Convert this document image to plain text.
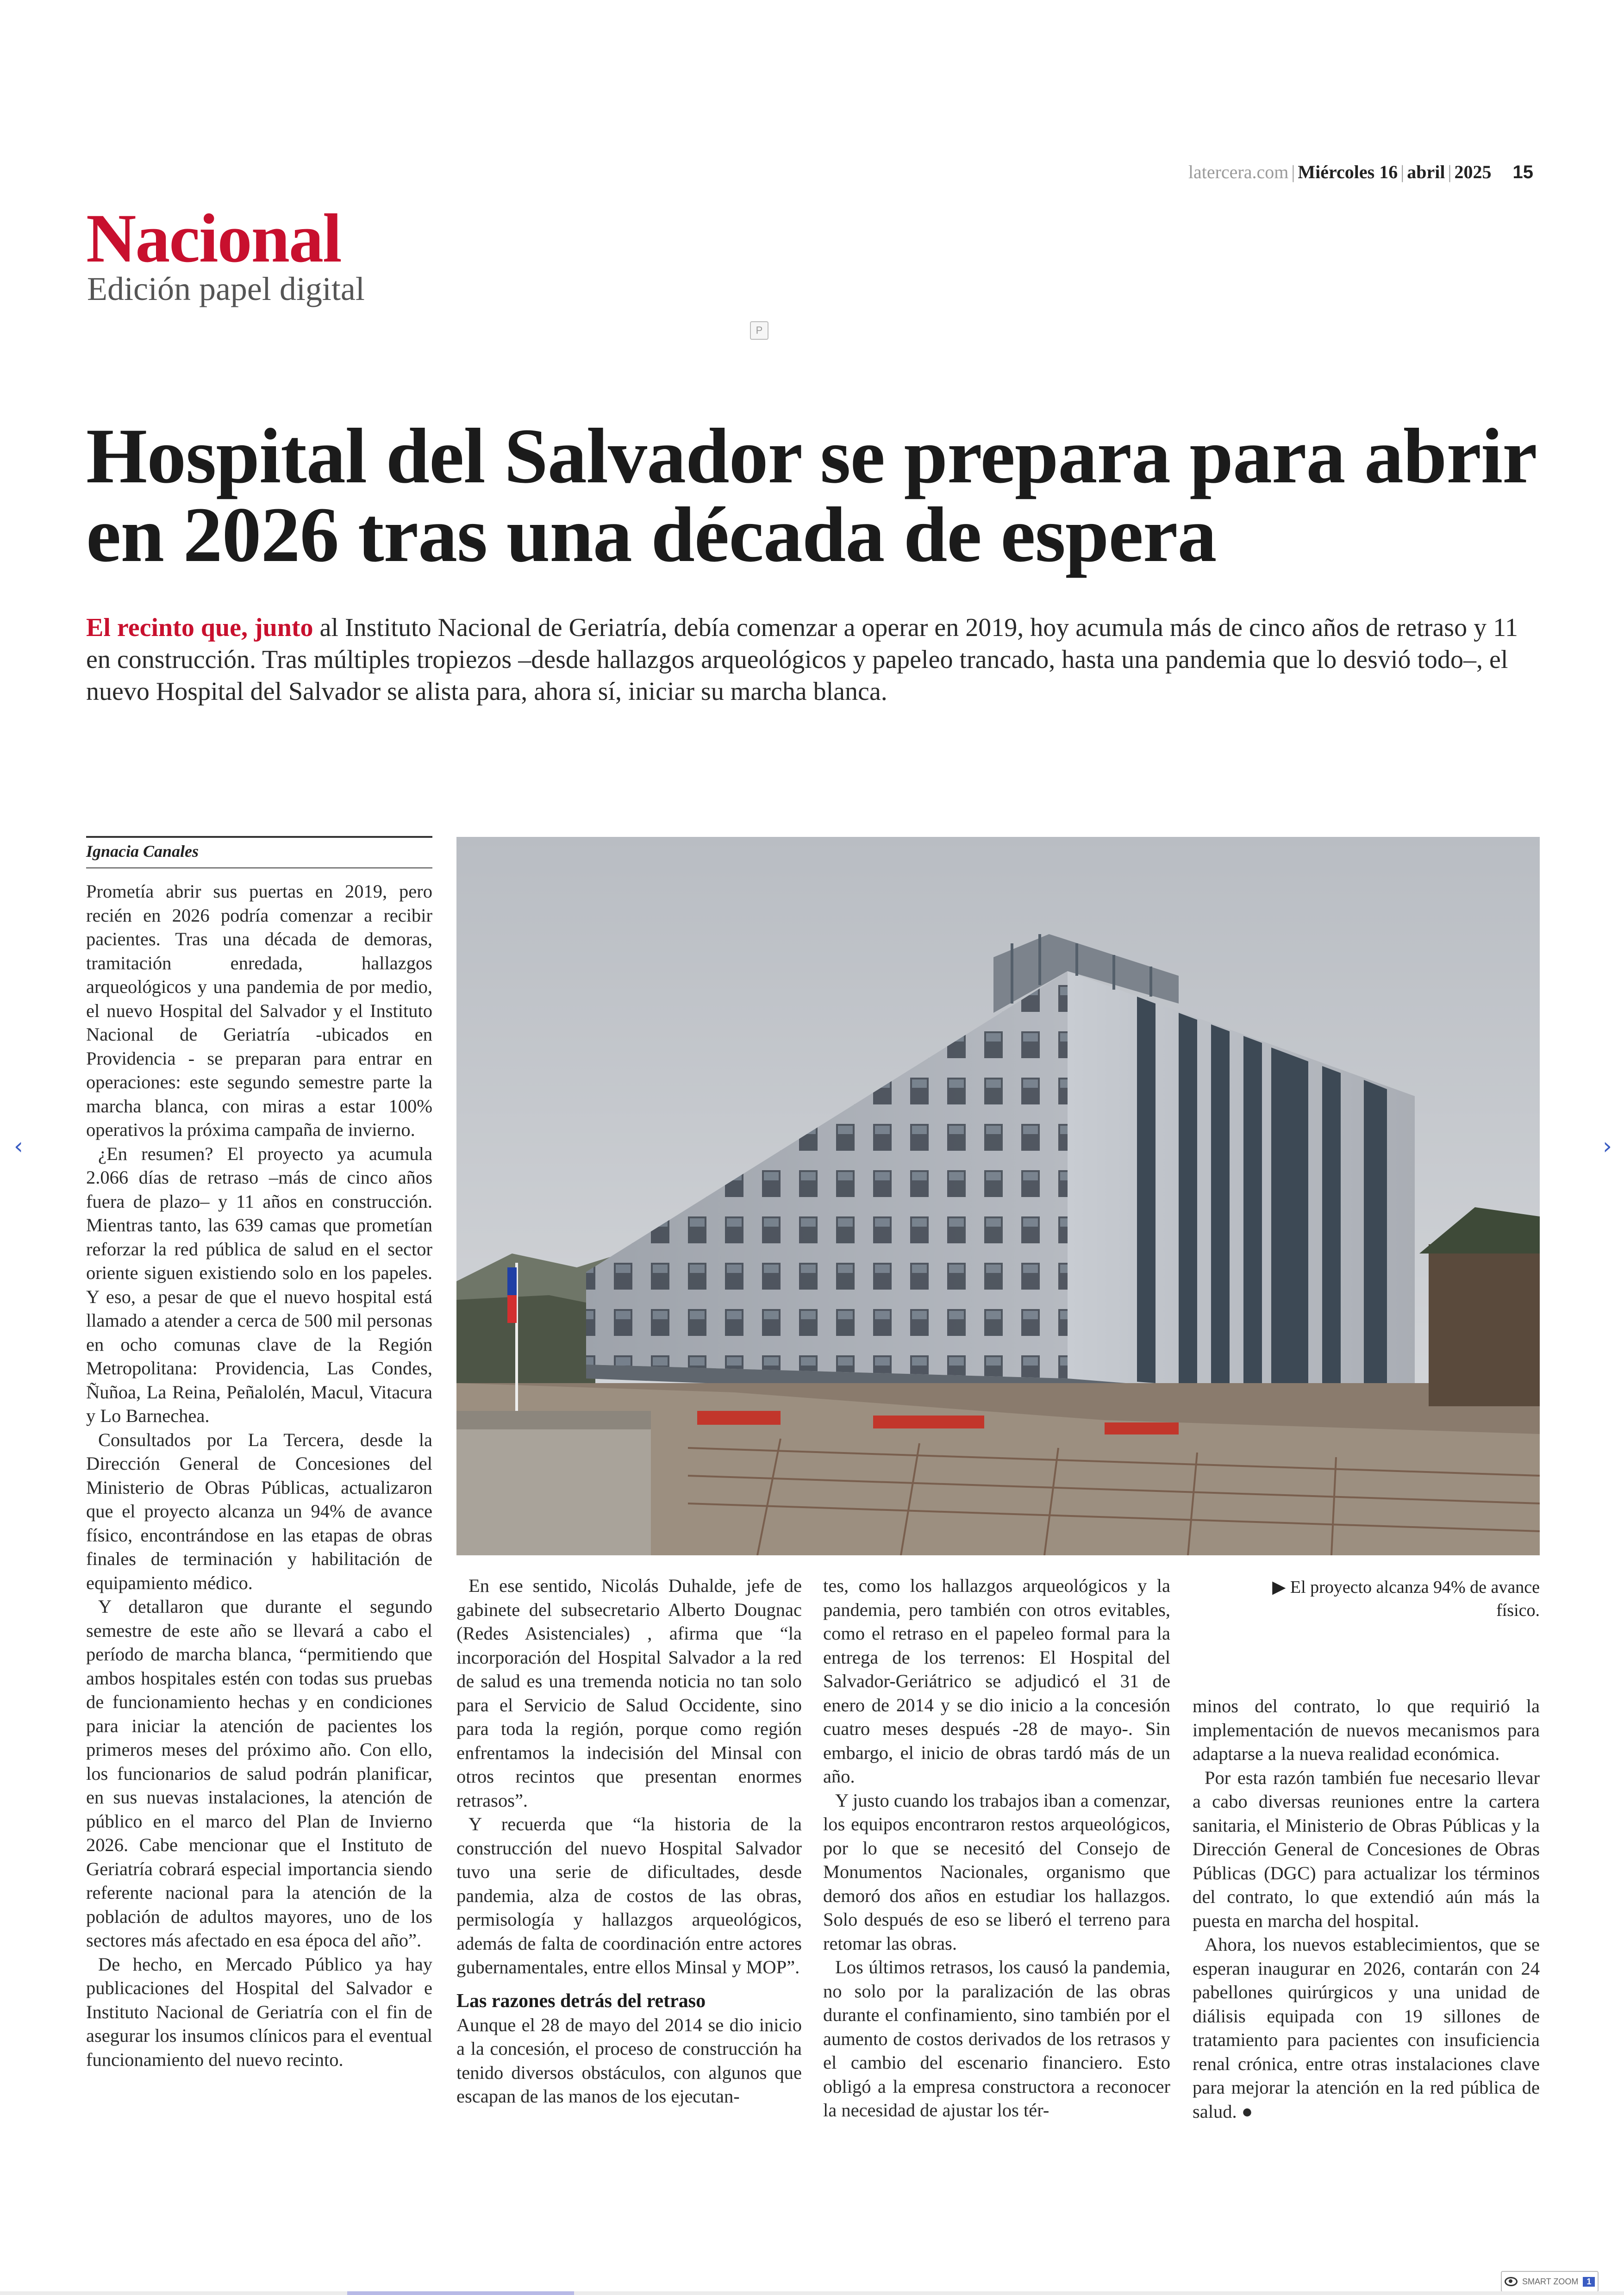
latercera.com | Miércoles 16 | abril | 2025 15
Nacional
Edición papel digital
P
Hospital del Salvador se prepara para abrir en 2026 tras una década de espera

El recinto que, junto al Instituto Nacional de Geriatría, debía comenzar a operar en 2019, hoy acumula más de cinco años de retraso y 11 en construcción. Tras múltiples tropiezos –desde hallazgos arqueológicos y papeleo trancado, hasta una pandemia que lo desvió todo–, el nuevo Hospital del Salvador se alista para, ahora sí, iniciar su marcha blanca.

Ignacia Canales

Prometía abrir sus puertas en 2019, pero recién en 2026 podría comenzar a recibir pacientes. Tras una década de demoras, tramitación enredada, hallazgos arqueológicos y una pandemia de por medio, el nuevo Hospital del Salvador y el Instituto Nacional de Geriatría -ubicados en Providencia - se preparan para entrar en operaciones: este segundo semestre parte la marcha blanca, con miras a estar 100% operativos la próxima campaña de invierno.

¿En resumen? El proyecto ya acumula 2.066 días de retraso –más de cinco años fuera de plazo– y 11 años en construcción. Mientras tanto, las 639 camas que prometían reforzar la red pública de salud en el sector oriente siguen existiendo solo en los papeles. Y eso, a pesar de que el nuevo hospital está llamado a atender a cerca de 500 mil personas en ocho comunas clave de la Región Metropolitana: Providencia, Las Condes, Ñuñoa, La Reina, Peñalolén, Macul, Vitacura y Lo Barnechea.

Consultados por La Tercera, desde la Dirección General de Concesiones del Ministerio de Obras Públicas, actualizaron que el proyecto alcanza un 94% de avance físico, encontrándose en las etapas de obras finales de terminación y habilitación de equipamiento médico.

Y detallaron que durante el segundo semestre de este año se llevará a cabo el período de marcha blanca, “permitiendo que ambos hospitales estén con todas sus pruebas de funcionamiento hechas y en condiciones para iniciar la atención de pacientes los primeros meses del próximo año. Con ello, los funcionarios de salud podrán planificar, en sus nuevas instalaciones, la atención de público en el marco del Plan de Invierno 2026. Cabe mencionar que el Instituto de Geriatría cobrará especial importancia siendo referente nacional para la atención de la población de adultos mayores, uno de los sectores más afectado en esa época del año”.

De hecho, en Mercado Público ya hay publicaciones del Hospital del Salvador e Instituto Nacional de Geriatría con el fin de asegurar los insumos clínicos para el eventual funcionamiento del nuevo recinto.

▶ El proyecto alcanza 94% de avance físico.

En ese sentido, Nicolás Duhalde, jefe de gabinete del subsecretario Alberto Dougnac (Redes Asistenciales) , afirma que “la incorporación del Hospital Salvador a la red de salud es una tremenda noticia no tan solo para el Servicio de Salud Occidente, sino para toda la región, porque como región enfrentamos la indecisión del Minsal con otros recintos que presentan enormes retrasos”.

Y recuerda que “la historia de la construcción del nuevo Hospital Salvador tuvo una serie de dificultades, desde pandemia, alza de costos de las obras, permisología y hallazgos arqueológicos, además de falta de coordinación entre actores gubernamentales, entre ellos Minsal y MOP”.

Las razones detrás del retraso

Aunque el 28 de mayo del 2014 se dio inicio a la concesión, el proceso de construcción ha tenido diversos obstáculos, con algunos que escapan de las manos de los ejecutan-

tes, como los hallazgos arqueológicos y la pandemia, pero también con otros evitables, como el retraso en el papeleo formal para la entrega de los terrenos: El Hospital del Salvador-Geriátrico se adjudicó el 31 de enero de 2014 y se dio inicio a la concesión cuatro meses después -28 de mayo-. Sin embargo, el inicio de obras tardó más de un año.

Y justo cuando los trabajos iban a comenzar, los equipos encontraron restos arqueológicos, por lo que se necesitó del Consejo de Monumentos Nacionales, organismo que demoró dos años en estudiar los hallazgos. Solo después de eso se liberó el terreno para retomar las obras.

Los últimos retrasos, los causó la pandemia, no solo por la paralización de las obras durante el confinamiento, sino también por el aumento de costos derivados de los retrasos y el cambio del escenario financiero. Esto obligó a la empresa constructora a reconocer la necesidad de ajustar los tér-

minos del contrato, lo que requirió la implementación de nuevos mecanismos para adaptarse a la nueva realidad económica.

Por esta razón también fue necesario llevar a cabo diversas reuniones entre la cartera sanitaria, el Ministerio de Obras Públicas y la Dirección General de Concesiones de Obras Públicas (DGC) para actualizar los términos del contrato, lo que extendió aún más la puesta en marcha del hospital.

Ahora, los nuevos establecimientos, que se esperan inaugurar en 2026, contarán con 24 pabellones quirúrgicos y una unidad de diálisis equipada con 19 sillones de tratamiento para pacientes con insuficiencia renal crónica, entre otras instalaciones clave para mejorar la atención en la red pública de salud. ●

‹	›
SMART ZOOM	1
